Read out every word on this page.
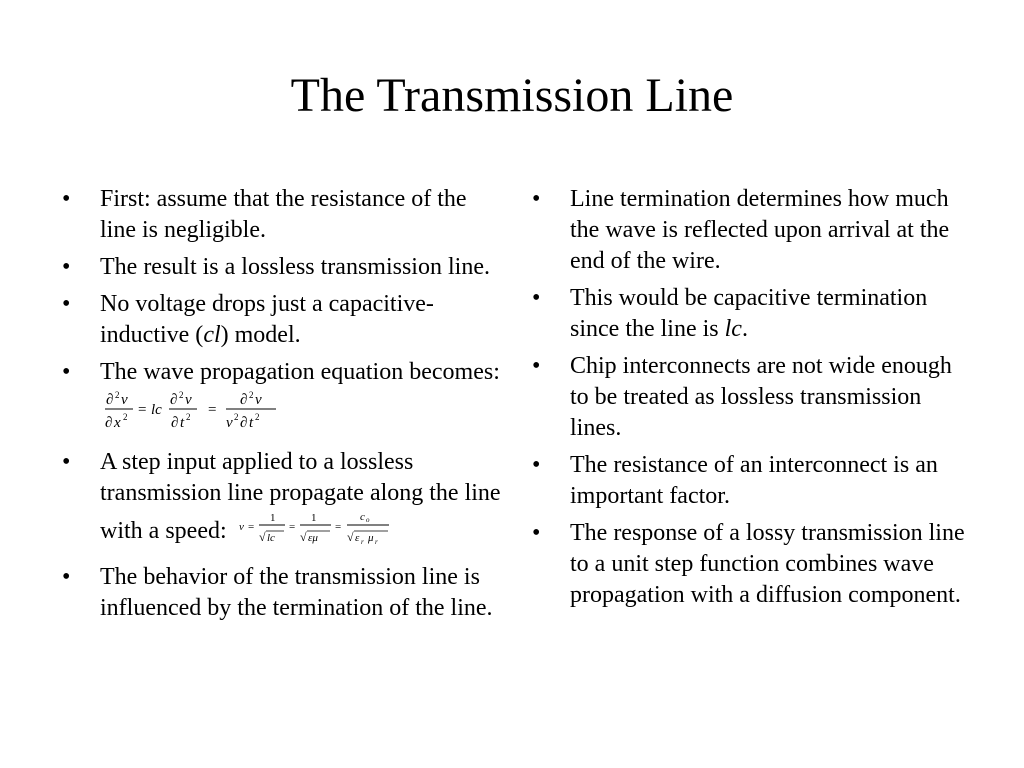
The Transmission Line
•
First: assume that the resistance of the line is negligible.
•
The result is a lossless transmission line.
•
No voltage drops just a capacitive-inductive (cl) model.
•
The wave propagation equation becomes:
∂ 2 ν
∂ x 2 = lc
∂ 2 ν
∂ t 2 =
∂ 2 ν
ν 2 ∂ t 2
•
A step input applied to a lossless transmission line propagate along the line with a speed: ν =
1
√ lc
=
1
√ εμ
=
c o
√ ε r μ r
•
The behavior of the transmission line is influenced by the termination of the line.
•
Line termination determines how much the wave is reflected upon arrival at the end of the wire.
•
This would be capacitive termination since the line is lc.
•
Chip interconnects are not wide enough to be treated as lossless transmission lines.
•
The resistance of an interconnect is an important factor.
•
The response of a lossy transmission line to a unit step function combines wave propagation with a diffusion component.
